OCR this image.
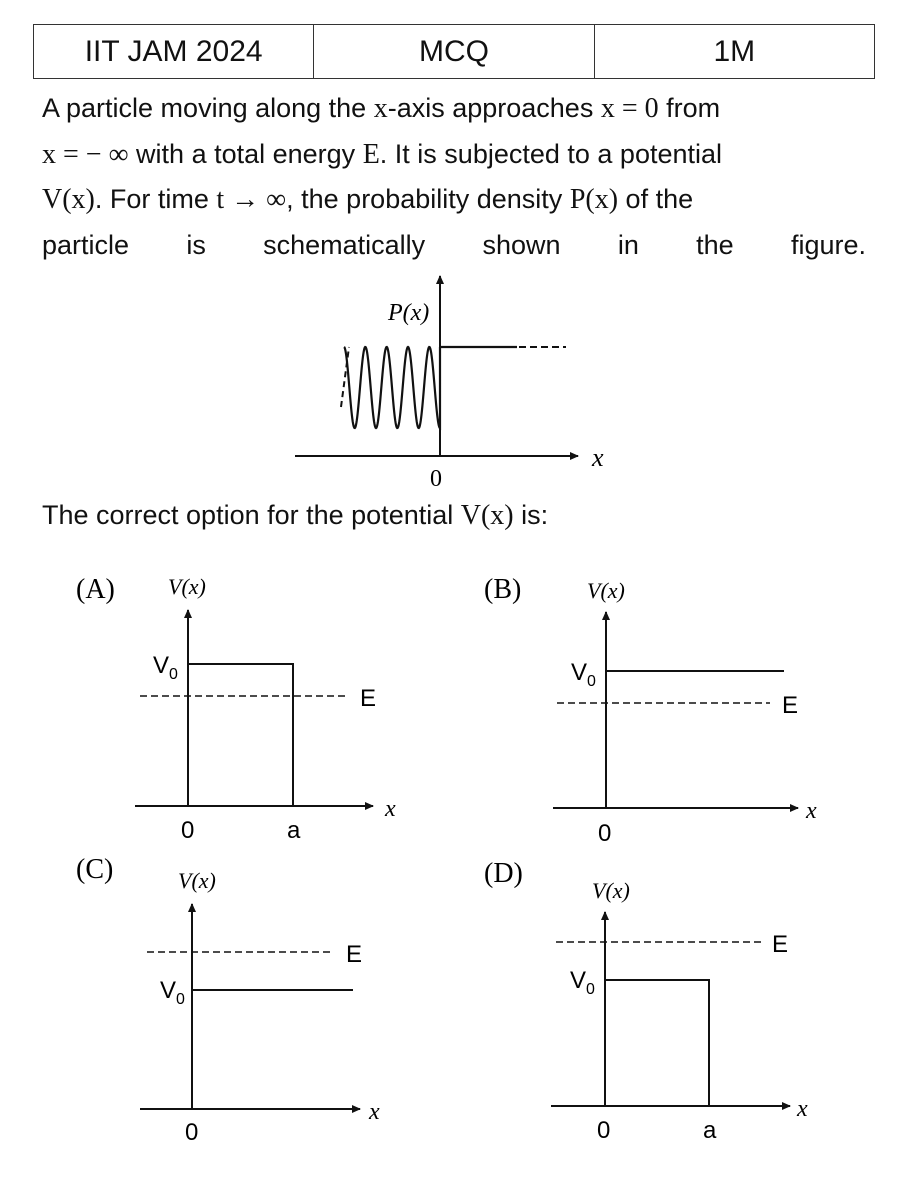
IIT JAM 2024	MCQ	1M
A particle moving along the x-axis approaches x = 0 from
x = − ∞ with a total energy E. It is subjected to a potential
V(x). For time t → ∞, the probability density P(x) of the
particle is schematically shown in the figure.
P(x)
x
0

The correct option for the potential V(x) is:

(A) V(x)
$V_0$
E
0	a
x
(B)	V(x)
$V_0$
E
0
x
(C)	V(x)
$V_0$
E
0
x
(D)
V(x)
$V_0$
E
0	a
x
